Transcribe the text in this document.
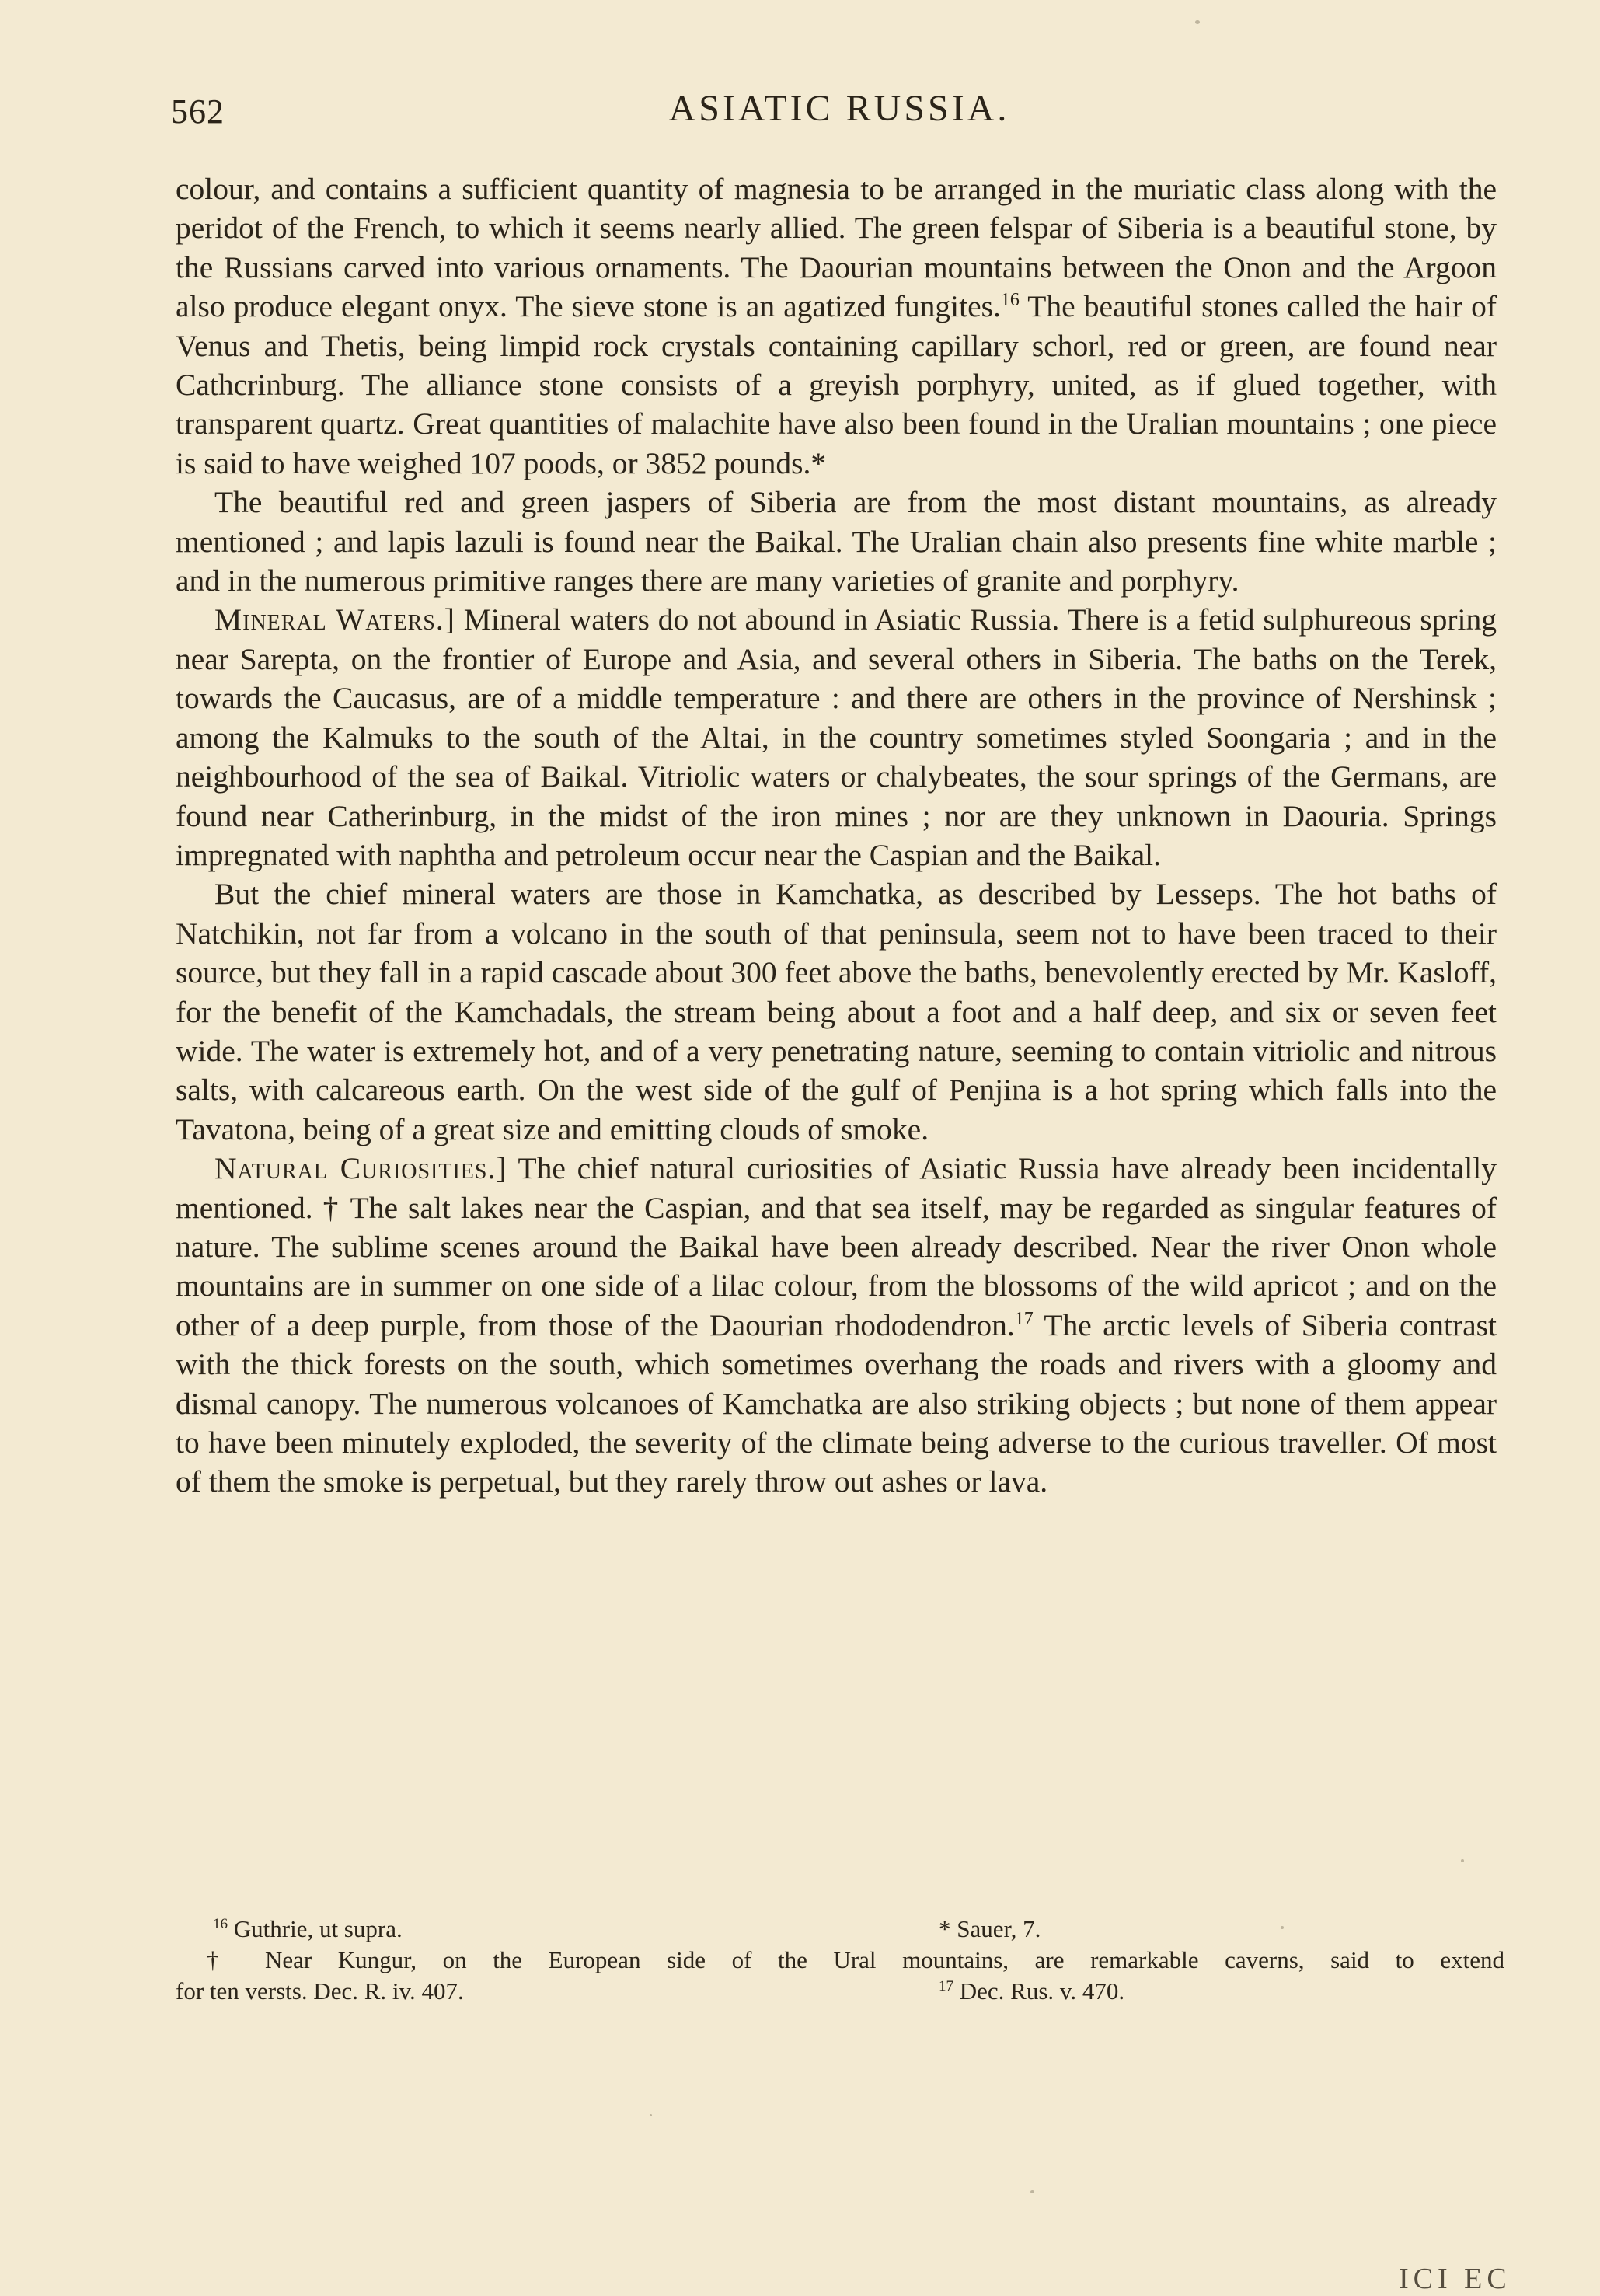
562	ASIATIC RUSSIA.

colour, and contains a sufficient quantity of magnesia to be arranged in the muriatic class along with the peridot of the French, to which it seems nearly allied. The green felspar of Siberia is a beautiful stone, by the Russians carved into various ornaments. The Daourian mountains between the Onon and the Argoon also produce elegant onyx. The sieve stone is an agatized fungites.$^{16}$ The beautiful stones called the hair of Venus and Thetis, being limpid rock crystals containing capillary schorl, red or green, are found near Cathcrinburg. The alliance stone consists of a greyish porphyry, united, as if glued together, with transparent quartz. Great quantities of malachite have also been found in the Uralian mountains ; one piece is said to have weighed 107 poods, or 3852 pounds.*

The beautiful red and green jaspers of Siberia are from the most distant mountains, as already mentioned ; and lapis lazuli is found near the Baikal. The Uralian chain also presents fine white marble ; and in the numerous primitive ranges there are many varieties of granite and porphyry.

Mineral Waters.] Mineral waters do not abound in Asiatic Russia. There is a fetid sulphureous spring near Sarepta, on the frontier of Europe and Asia, and several others in Siberia. The baths on the Terek, towards the Caucasus, are of a middle temperature : and there are others in the province of Nershinsk ; among the Kalmuks to the south of the Altai, in the country sometimes styled Soongaria ; and in the neighbourhood of the sea of Baikal. Vitriolic waters or chalybeates, the sour springs of the Germans, are found near Catherinburg, in the midst of the iron mines ; nor are they unknown in Daouria. Springs impregnated with naphtha and petroleum occur near the Caspian and the Baikal.

But the chief mineral waters are those in Kamchatka, as described by Lesseps. The hot baths of Natchikin, not far from a volcano in the south of that peninsula, seem not to have been traced to their source, but they fall in a rapid cascade about 300 feet above the baths, benevolently erected by Mr. Kasloff, for the benefit of the Kamchadals, the stream being about a foot and a half deep, and six or seven feet wide. The water is extremely hot, and of a very penetrating nature, seeming to contain vitriolic and nitrous salts, with calcareous earth. On the west side of the gulf of Penjina is a hot spring which falls into the Tavatona, being of a great size and emitting clouds of smoke.

Natural Curiosities.] The chief natural curiosities of Asiatic Russia have already been incidentally mentioned. † The salt lakes near the Caspian, and that sea itself, may be regarded as singular features of nature. The sublime scenes around the Baikal have been already described. Near the river Onon whole mountains are in summer on one side of a lilac colour, from the blossoms of the wild apricot ; and on the other of a deep purple, from those of the Daourian rhododendron.$^{17}$ The arctic levels of Siberia contrast with the thick forests on the south, which sometimes overhang the roads and rivers with a gloomy and dismal canopy. The numerous volcanoes of Kamchatka are also striking objects ; but none of them appear to have been minutely exploded, the severity of the climate being adverse to the curious traveller. Of most of them the smoke is perpetual, but they rarely throw out ashes or lava.

$^{16}$ Guthrie, ut supra.	* Sauer, 7.
† Near Kungur, on the European side of the Ural mountains, are remarkable caverns, said to extend
for ten versts. Dec. R. iv. 407.	$^{17}$ Dec. Rus. v. 470.
ICI EC
